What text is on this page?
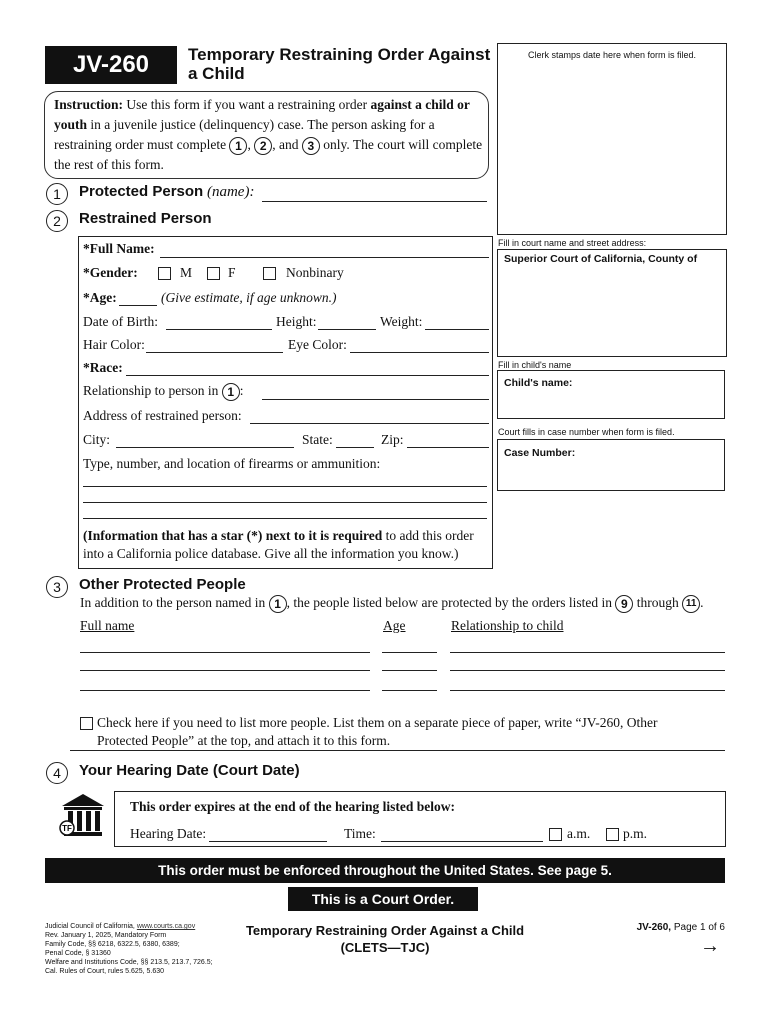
JV-260	Temporary Restraining Order Against a Child
Clerk stamps date here when form is filed.
Instruction: Use this form if you want a restraining order against a child or youth in a juvenile justice (delinquency) case. The person asking for a restraining order must complete 1 , 2 , and 3 only. The court will complete the rest of this form.
1	Protected Person (name):
2	Restrained Person
*Full Name:
*Gender:	M	F	Nonbinary
*Age:	(Give estimate, if age unknown.)
Date of Birth:	Height:	Weight:
Hair Color:	Eye Color:
*Race:
Relationship to person in 1 :
Address of restrained person:
City:	State:	Zip:
Type, number, and location of firearms or ammunition:
(Information that has a star (*) next to it is required to add this order into a California police database. Give all the information you know.)
Fill in court name and street address:
Superior Court of California, County of
Fill in child's name
Child's name:
Court fills in case number when form is filed.
Case Number:
3	Other Protected People
In addition to the person named in 1 , the people listed below are protected by the orders listed in 9 through 11 .
Full name	Age	Relationship to child
Check here if you need to list more people. List them on a separate piece of paper, write “JV-260, Other Protected People” at the top, and attach it to this form.
4	Your Hearing Date (Court Date)
TF
This order expires at the end of the hearing listed below:
Hearing Date:	Time:	a.m. p.m.
This order must be enforced throughout the United States. See page 5.
This is a Court Order.
Judicial Council of California, www.courts.ca.gov
Rev. January 1, 2025, Mandatory Form
Family Code, §§ 6218, 6322.5, 6380, 6389;
Penal Code, § 31360
Welfare and Institutions Code, §§ 213.5, 213.7, 726.5;
Cal. Rules of Court, rules 5.625, 5.630
Temporary Restraining Order Against a Child
(CLETS—TJC)
JV-260, Page 1 of 6
→
